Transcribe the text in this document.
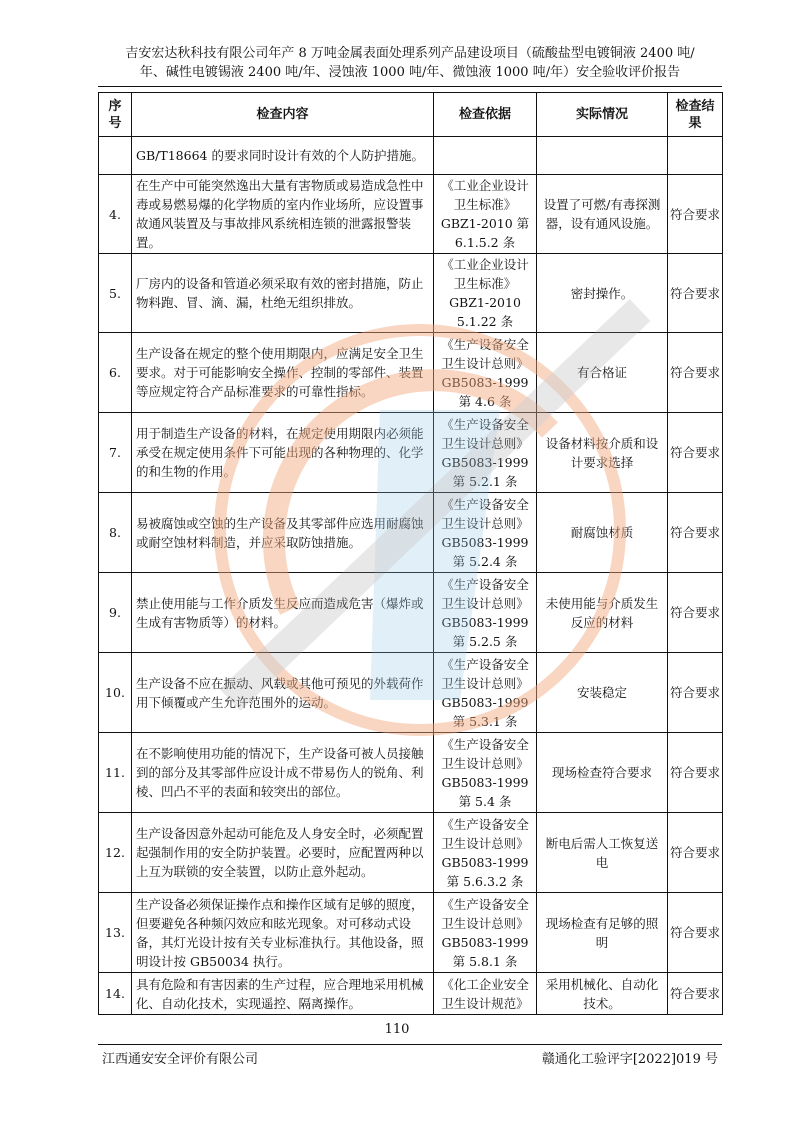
吉安宏达秋科技有限公司年产 8 万吨金属表面处理系列产品建设项目（硫酸盐型电镀铜液 2400 吨/
年、碱性电镀锡液 2400 吨/年、浸蚀液 1000 吨/年、微蚀液 1000 吨/年）安全验收评价报告
序号	检查内容	检查依据	实际情况	检查结果
	GB/T18664 的要求同时设计有效的个人防护措施。			
4.	在生产中可能突然逸出大量有害物质或易造成急性中毒或易燃易爆的化学物质的室内作业场所，应设置事故通风装置及与事故排风系统相连锁的泄露报警装置。	《工业企业设计卫生标准》GBZ1-2010 第 6.1.5.2 条	设置了可燃/有毒探测器，设有通风设施。	符合要求
5.	厂房内的设备和管道必须采取有效的密封措施，防止物料跑、冒、滴、漏，杜绝无组织排放。	《工业企业设计卫生标准》GBZ1-2010 5.1.22 条	密封操作。	符合要求
6.	生产设备在规定的整个使用期限内，应满足安全卫生要求。对于可能影响安全操作、控制的零部件、装置等应规定符合产品标准要求的可靠性指标。	《生产设备安全卫生设计总则》GB5083-1999 第 4.6 条	有合格证	符合要求
7.	用于制造生产设备的材料，在规定使用期限内必须能承受在规定使用条件下可能出现的各种物理的、化学的和生物的作用。	《生产设备安全卫生设计总则》GB5083-1999 第 5.2.1 条	设备材料按介质和设计要求选择	符合要求
8.	易被腐蚀或空蚀的生产设备及其零部件应选用耐腐蚀或耐空蚀材料制造，并应采取防蚀措施。	《生产设备安全卫生设计总则》GB5083-1999 第 5.2.4 条	耐腐蚀材质	符合要求
9.	禁止使用能与工作介质发生反应而造成危害（爆炸或生成有害物质等）的材料。	《生产设备安全卫生设计总则》GB5083-1999 第 5.2.5 条	未使用能与介质发生反应的材料	符合要求
10.	生产设备不应在振动、风载或其他可预见的外载荷作用下倾覆或产生允许范围外的运动。	《生产设备安全卫生设计总则》GB5083-1999 第 5.3.1 条	安装稳定	符合要求
11.	在不影响使用功能的情况下，生产设备可被人员接触到的部分及其零部件应设计成不带易伤人的锐角、利棱、凹凸不平的表面和较突出的部位。	《生产设备安全卫生设计总则》GB5083-1999 第 5.4 条	现场检查符合要求	符合要求
12.	生产设备因意外起动可能危及人身安全时，必须配置起强制作用的安全防护装置。必要时，应配置两种以上互为联锁的安全装置，以防止意外起动。	《生产设备安全卫生设计总则》GB5083-1999 第 5.6.3.2 条	断电后需人工恢复送电	符合要求
13.	生产设备必须保证操作点和操作区域有足够的照度，但要避免各种频闪效应和眩光现象。对可移动式设备，其灯光设计按有关专业标准执行。其他设备，照明设计按 GB50034 执行。	《生产设备安全卫生设计总则》GB5083-1999 第 5.8.1 条	现场检查有足够的照明	符合要求
14.	具有危险和有害因素的生产过程，应合理地采用机械化、自动化技术，实现遥控、隔离操作。	《化工企业安全卫生设计规范》	采用机械化、自动化技术。	符合要求
110
江西通安安全评价有限公司	赣通化工验评字[2022]019 号
